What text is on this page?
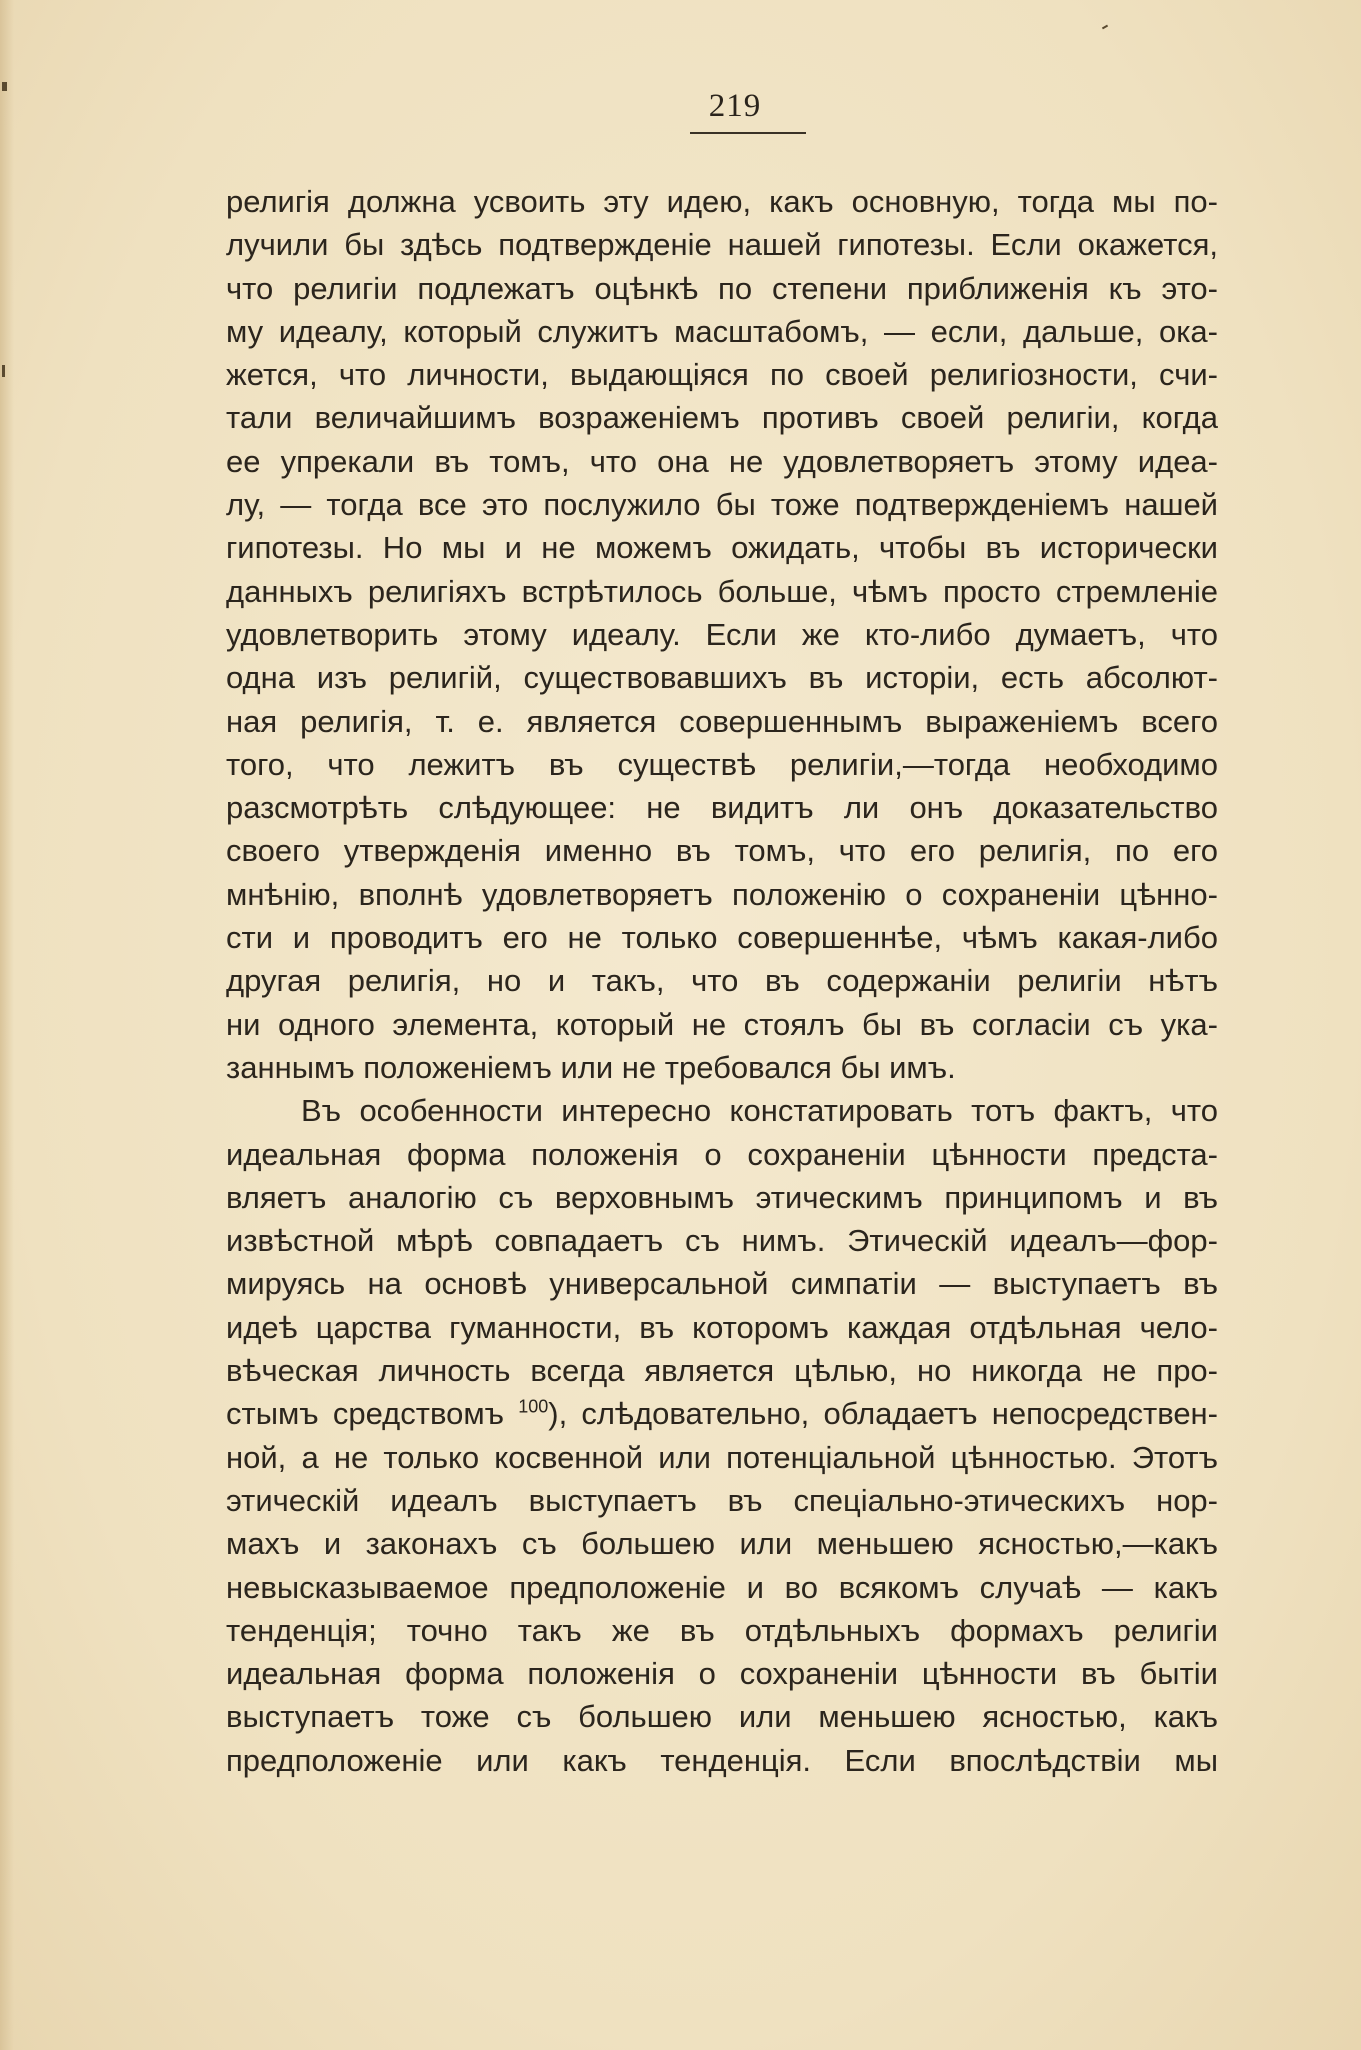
219
религія должна усвоить эту идею, какъ основную, тогда мы по-
лучили бы здѣсь подтвержденіе нашей гипотезы. Если окажется,
что религіи подлежатъ оцѣнкѣ по степени приближенія къ это-
му идеалу, который служитъ масштабомъ, — если, дальше, ока-
жется, что личности, выдающіяся по своей религіозности, счи-
тали величайшимъ возраженіемъ противъ своей религіи, когда
ее упрекали въ томъ, что она не удовлетворяетъ этому идеа-
лу, — тогда все это послужило бы тоже подтвержденіемъ нашей
гипотезы. Но мы и не можемъ ожидать, чтобы въ исторически
данныхъ религіяхъ встрѣтилось больше, чѣмъ просто стремленіе
удовлетворить этому идеалу. Если же кто-либо думаетъ, что
одна изъ религій, существовавшихъ въ исторіи, есть абсолют-
ная религія, т. е. является совершеннымъ выраженіемъ всего
того, что лежитъ въ существѣ религіи,—тогда необходимо
разсмотрѣть слѣдующее: не видитъ ли онъ доказательство
своего утвержденія именно въ томъ, что его религія, по его
мнѣнію, вполнѣ удовлетворяетъ положенію о сохраненіи цѣнно-
сти и проводитъ его не только совершеннѣе, чѣмъ какая-либо
другая религія, но и такъ, что въ содержаніи религіи нѣтъ
ни одного элемента, который не стоялъ бы въ согласіи съ ука-
заннымъ положеніемъ или не требовался бы имъ.
Въ особенности интересно констатировать тотъ фактъ, что
идеальная форма положенія о сохраненіи цѣнности предста-
вляетъ аналогію съ верховнымъ этическимъ принципомъ и въ
извѣстной мѣрѣ совпадаетъ съ нимъ. Этическій идеалъ—фор-
мируясь на основѣ универсальной симпатіи — выступаетъ въ
идеѣ царства гуманности, въ которомъ каждая отдѣльная чело-
вѣческая личность всегда является цѣлью, но никогда не про-
стымъ средствомъ $^{100}$), слѣдовательно, обладаетъ непосредствен-
ной, а не только косвенной или потенціальной цѣнностью. Этотъ
этическій идеалъ выступаетъ въ спеціально-этическихъ нор-
махъ и законахъ съ большею или меньшею ясностью,—какъ
невысказываемое предположеніе и во всякомъ случаѣ — какъ
тенденція; точно такъ же въ отдѣльныхъ формахъ религіи
идеальная форма положенія о сохраненіи цѣнности въ бытіи
выступаетъ тоже съ большею или меньшею ясностью, какъ
предположеніе или какъ тенденція. Если впослѣдствіи мы
